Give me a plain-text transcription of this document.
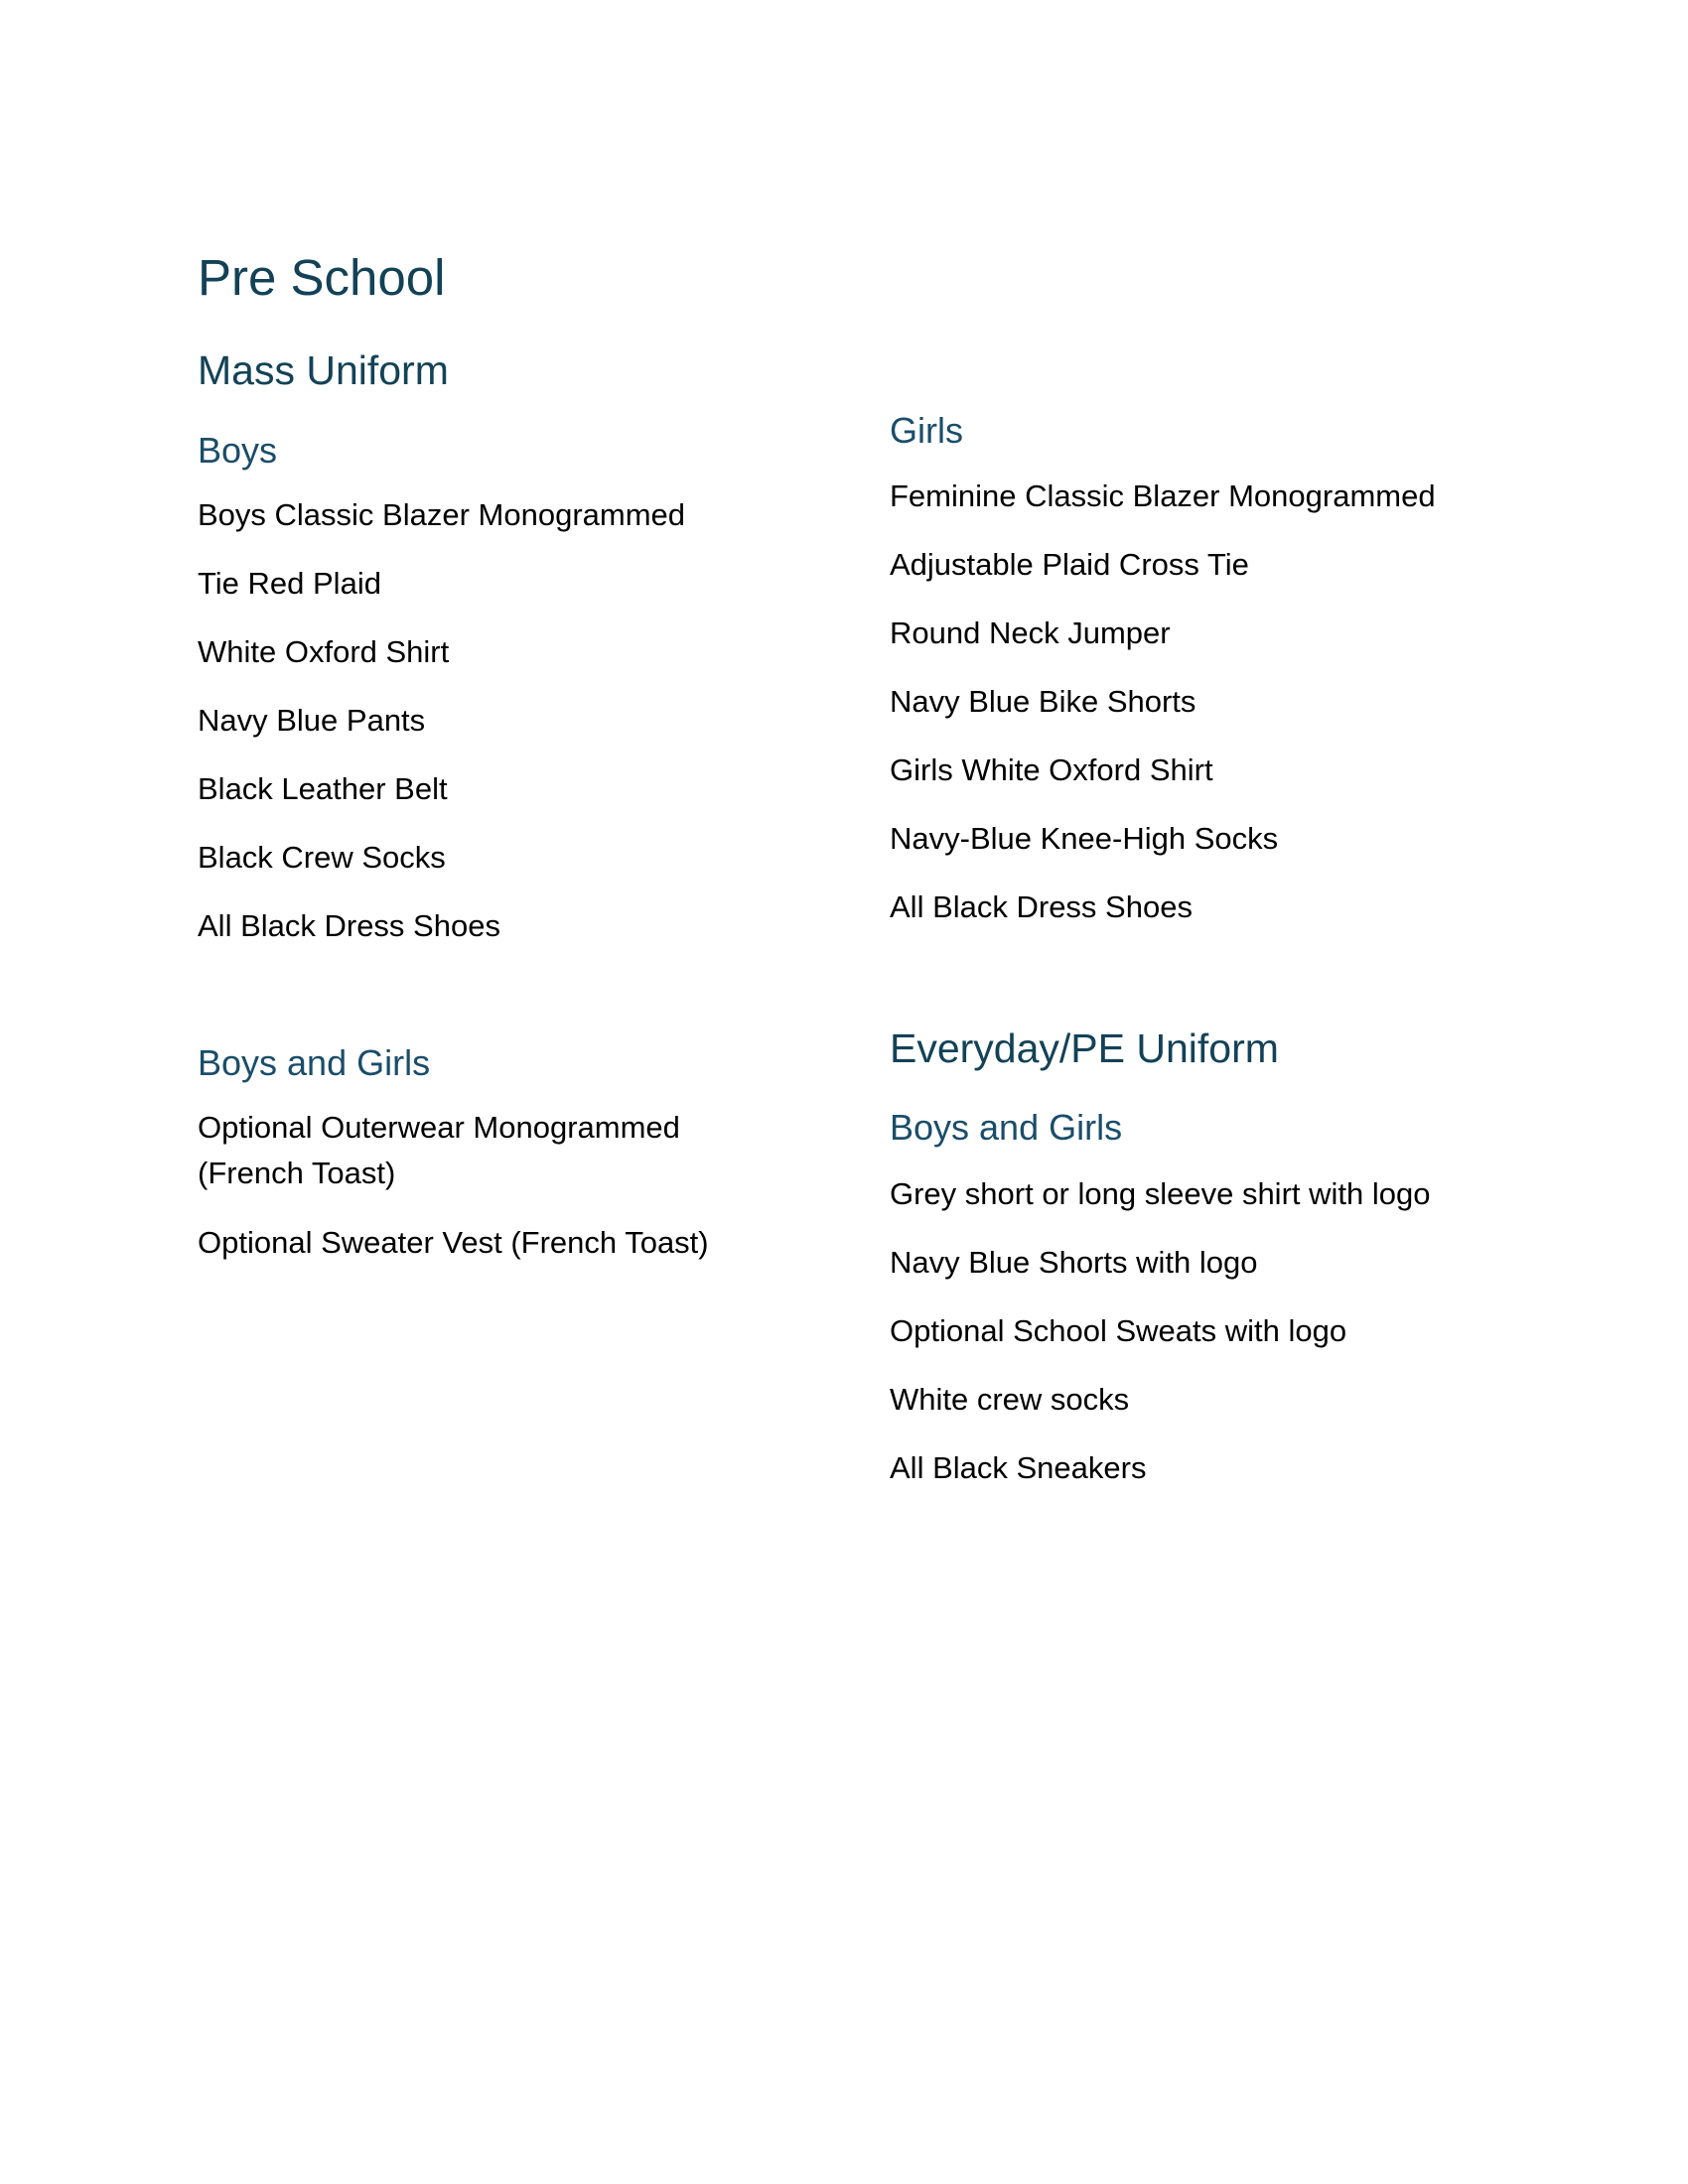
Pre School
Mass Uniform
Boys

Boys Classic Blazer Monogrammed

Tie Red Plaid

White Oxford Shirt

Navy Blue Pants

Black Leather Belt

Black Crew Socks

All Black Dress Shoes

Boys and Girls

Optional Outerwear Monogrammed

(French Toast)

Optional Sweater Vest (French Toast)

Girls

Feminine Classic Blazer Monogrammed

Adjustable Plaid Cross Tie

Round Neck Jumper

Navy Blue Bike Shorts

Girls White Oxford Shirt

Navy-Blue Knee-High Socks

All Black Dress Shoes

Everyday/PE Uniform
Boys and Girls

Grey short or long sleeve shirt with logo

Navy Blue Shorts with logo

Optional School Sweats with logo

White crew socks

All Black Sneakers
